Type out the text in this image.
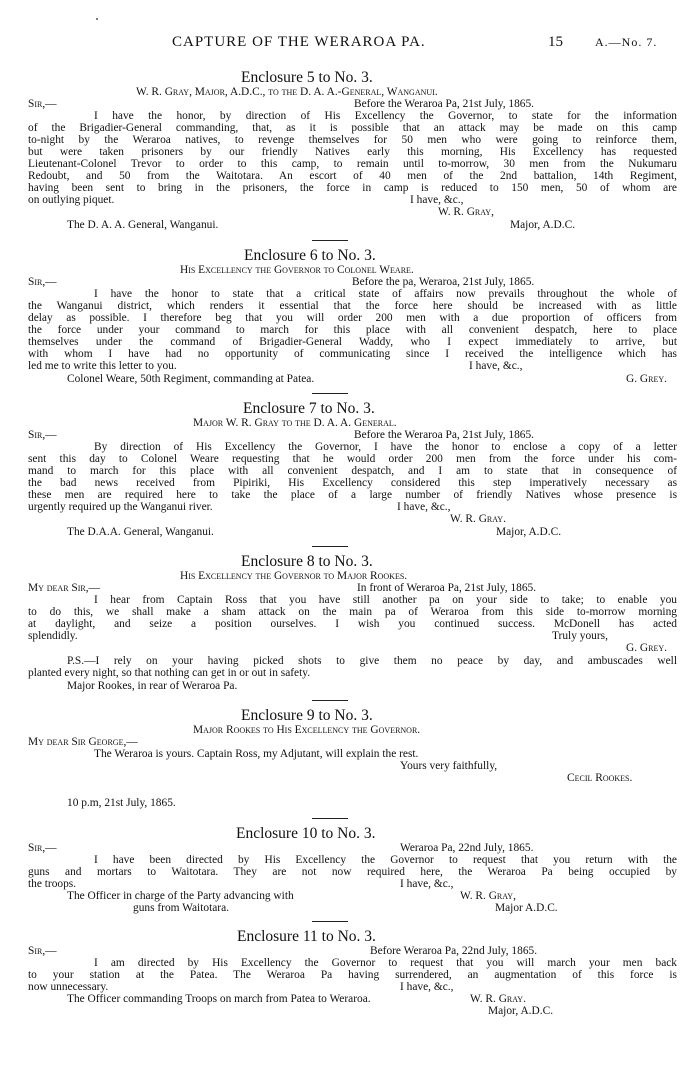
CAPTURE OF THE WERAROA PA.	15	A.—No. 7.
Enclosure 5 to No. 3.
W. R. Gray, Major, A.D.C., to the D. A. A.-General, Wanganui.
Sir,—	Before the Weraroa Pa, 21st July, 1865.
I have the honor, by direction of His Excellency the Governor, to state for the information
of the Brigadier-General commanding, that, as it is possible that an attack may be made on this camp
to-night by the Weraroa natives, to revenge themselves for 50 men who were going to reinforce them,
but were taken prisoners by our friendly Natives early this morning, His Excellency has requested
Lieutenant-Colonel Trevor to order to this camp, to remain until to-morrow, 30 men from the Nukumaru
Redoubt, and 50 from the Waitotara. An escort of 40 men of the 2nd battalion, 14th Regiment,
having been sent to bring in the prisoners, the force in camp is reduced to 150 men, 50 of whom are
on outlying piquet.	I have, &c.,
W. R. Gray,
The D. A. A. General, Wanganui.	Major, A.D.C.
Enclosure 6 to No. 3.
His Excellency the Governor to Colonel Weare.
Sir,—	Before the pa, Weraroa, 21st July, 1865.
I have the honor to state that a critical state of affairs now prevails throughout the whole of
the Wanganui district, which renders it essential that the force here should be increased with as little
delay as possible. I therefore beg that you will order 200 men with a due proportion of officers from
the force under your command to march for this place with all convenient despatch, here to place
themselves under the command of Brigadier-General Waddy, who I expect immediately to arrive, but
with whom I have had no opportunity of communicating since I received the intelligence which has
led me to write this letter to you.	I have, &c.,
Colonel Weare, 50th Regiment, commanding at Patea.	G. Grey.
Enclosure 7 to No. 3.
Major W. R. Gray to the D. A. A. General.
Sir,—	Before the Weraroa Pa, 21st July, 1865.
By direction of His Excellency the Governor, I have the honor to enclose a copy of a letter
sent this day to Colonel Weare requesting that he would order 200 men from the force under his com-
mand to march for this place with all convenient despatch, and I am to state that in consequence of
the bad news received from Pipiriki, His Excellency considered this step imperatively necessary as
these men are required here to take the place of a large number of friendly Natives whose presence is
urgently required up the Wanganui river.	I have, &c.,
W. R. Gray.
The D.A.A. General, Wanganui.	Major, A.D.C.
Enclosure 8 to No. 3.
His Excellency the Governor to Major Rookes.
My dear Sir,—	In front of Weraroa Pa, 21st July, 1865.
I hear from Captain Ross that you have still another pa on your side to take; to enable you
to do this, we shall make a sham attack on the main pa of Weraroa from this side to-morrow morning
at daylight, and seize a position ourselves. I wish you continued success. McDonell has acted
splendidly.	Truly yours,
G. Grey.
P.S.—I rely on your having picked shots to give them no peace by day, and ambuscades well
planted every night, so that nothing can get in or out in safety.
Major Rookes, in rear of Weraroa Pa.
Enclosure 9 to No. 3.
Major Rookes to His Excellency the Governor.
My dear Sir George,—
The Weraroa is yours. Captain Ross, my Adjutant, will explain the rest.
Yours very faithfully,
Cecil Rookes.
10 p.m, 21st July, 1865.
Enclosure 10 to No. 3.
Sir,—	Weraroa Pa, 22nd July, 1865.
I have been directed by His Excellency the Governor to request that you return with the
guns and mortars to Waitotara. They are not now required here, the Weraroa Pa being occupied by
the troops.	I have, &c.,
The Officer in charge of the Party advancing with	W. R. Gray,
guns from Waitotara.	Major A.D.C.
Enclosure 11 to No. 3.
Sir,—	Before Weraroa Pa, 22nd July, 1865.
I am directed by His Excellency the Governor to request that you will march your men back
to your station at the Patea. The Weraroa Pa having surrendered, an augmentation of this force is
now unnecessary.	I have, &c.,
The Officer commanding Troops on march from Patea to Weraroa.	W. R. Gray.
Major, A.D.C.
